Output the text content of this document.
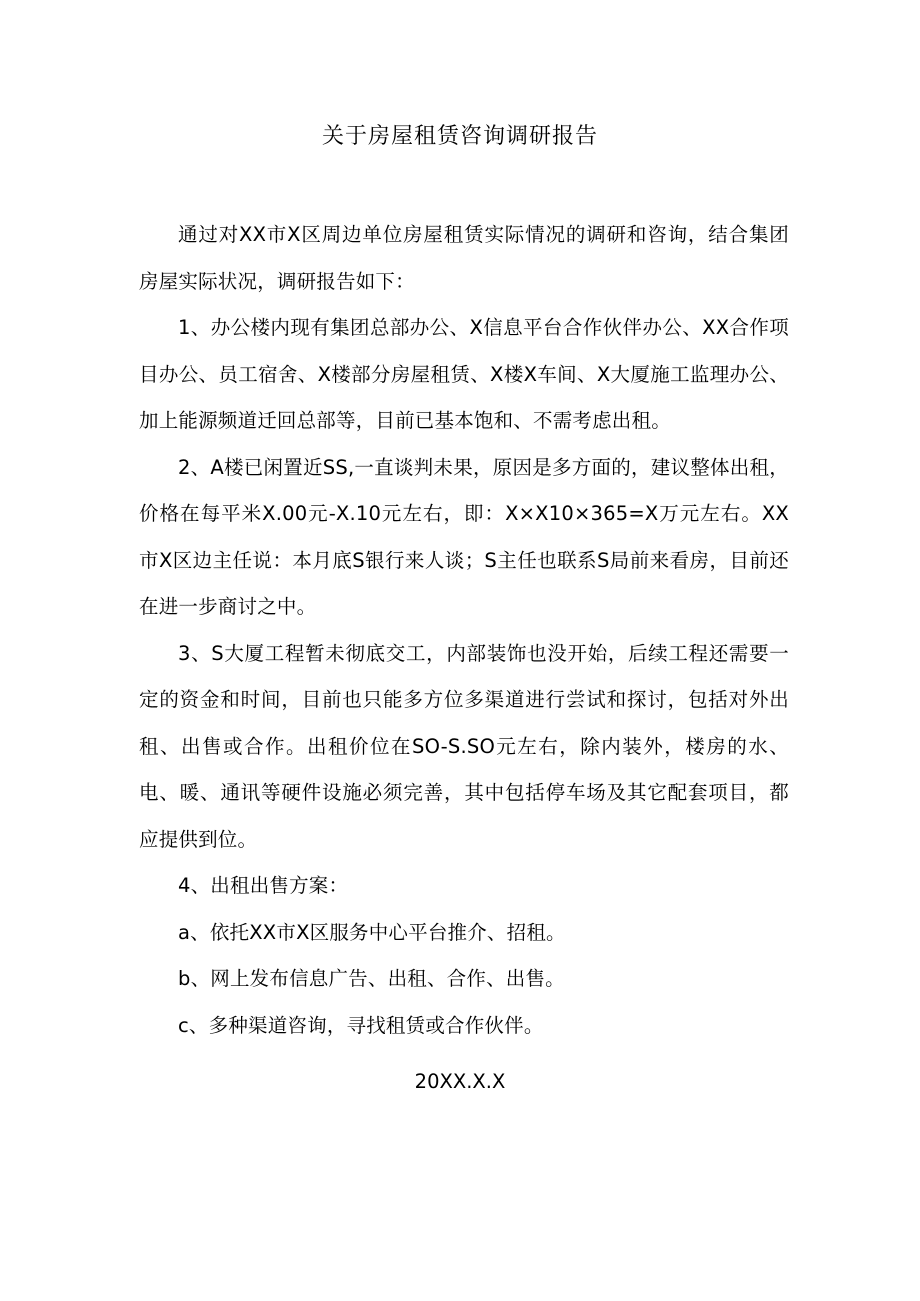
关于房屋租赁咨询调研报告

通过对XX市X区周边单位房屋租赁实际情况的调研和咨询，结合集团房屋实际状况，调研报告如下：

1、办公楼内现有集团总部办公、X信息平台合作伙伴办公、XX合作项目办公、员工宿舍、X楼部分房屋租赁、X楼X车间、X大厦施工监理办公、加上能源频道迁回总部等，目前已基本饱和、不需考虑出租。

2、A楼已闲置近SS,一直谈判未果，原因是多方面的，建议整体出租，价格在每平米X.00元-X.10元左右，即：X×X10×365=X万元左右。XX市X区边主任说：本月底S银行来人谈；S主任也联系S局前来看房，目前还在进一步商讨之中。

3、S大厦工程暂未彻底交工，内部装饰也没开始，后续工程还需要一定的资金和时间，目前也只能多方位多渠道进行尝试和探讨，包括对外出租、出售或合作。出租价位在SO-S.SO元左右，除内装外，楼房的水、电、暖、通讯等硬件设施必须完善，其中包括停车场及其它配套项目，都应提供到位。

4、出租出售方案：

a、依托XX市X区服务中心平台推介、招租。

b、网上发布信息广告、出租、合作、出售。

c、多种渠道咨询，寻找租赁或合作伙伴。

20XX.X.X
